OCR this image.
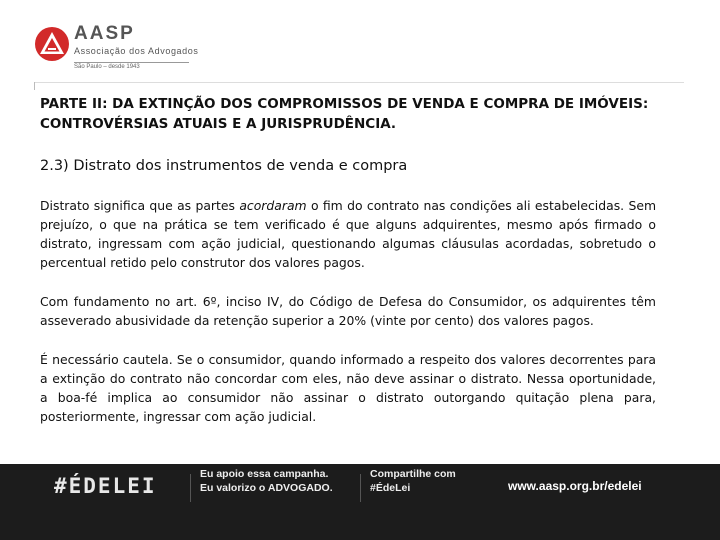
AASP
Associação dos Advogados
São Paulo – desde 1943
PARTE II: DA EXTINÇÃO DOS COMPROMISSOS DE VENDA E COMPRA DE IMÓVEIS: CONTROVÉRSIAS ATUAIS E A JURISPRUDÊNCIA.
2.3) Distrato dos instrumentos de venda e compra

Distrato significa que as partes acordaram o fim do contrato nas condições ali estabelecidas. Sem prejuízo, o que na prática se tem verificado é que alguns adquirentes, mesmo após firmado o distrato, ingressam com ação judicial, questionando algumas cláusulas acordadas, sobretudo o percentual retido pelo construtor dos valores pagos.

Com fundamento no art. 6º, inciso IV, do Código de Defesa do Consumidor, os adquirentes têm asseverado abusividade da retenção superior a 20% (vinte por cento) dos valores pagos.

É necessário cautela. Se o consumidor, quando informado a respeito dos valores decorrentes para a extinção do contrato não concordar com eles, não deve assinar o distrato. Nessa oportunidade, a boa-fé implica ao consumidor não assinar o distrato outorgando quitação plena para, posteriormente, ingressar com ação judicial.

#ÉDELEI	Eu apoio essa campanha.
Eu valorizo o ADVOGADO.
Compartilhe com
#ÉdeLei	www.aasp.org.br/edelei
